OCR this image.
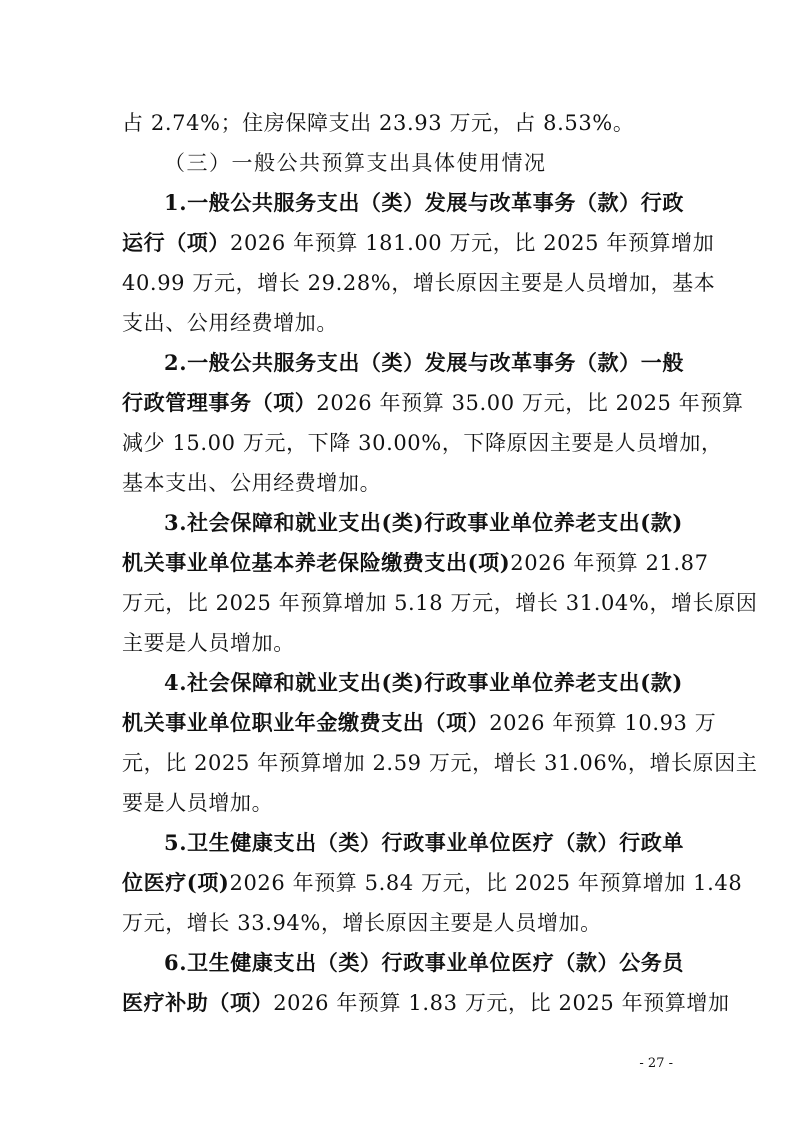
占 2.74%；住房保障支出 23.93 万元，占 8.53%。
（三）一般公共预算支出具体使用情况
1.一般公共服务支出（类）发展与改革事务（款）行政
运行（项）2026 年预算 181.00 万元，比 2025 年预算增加
40.99 万元，增长 29.28%，增长原因主要是人员增加，基本
支出、公用经费增加。
2.一般公共服务支出（类）发展与改革事务（款）一般
行政管理事务（项）2026 年预算 35.00 万元，比 2025 年预算
减少 15.00 万元，下降 30.00%，下降原因主要是人员增加，
基本支出、公用经费增加。
3.社会保障和就业支出(类)行政事业单位养老支出(款)
机关事业单位基本养老保险缴费支出(项)2026 年预算 21.87
万元，比 2025 年预算增加 5.18 万元，增长 31.04%，增长原因
主要是人员增加。
4.社会保障和就业支出(类)行政事业单位养老支出(款)
机关事业单位职业年金缴费支出（项）2026 年预算 10.93 万
元，比 2025 年预算增加 2.59 万元，增长 31.06%，增长原因主
要是人员增加。
5.卫生健康支出（类）行政事业单位医疗（款）行政单
位医疗(项)2026 年预算 5.84 万元，比 2025 年预算增加 1.48
万元，增长 33.94%，增长原因主要是人员增加。
6.卫生健康支出（类）行政事业单位医疗（款）公务员
医疗补助（项）2026 年预算 1.83 万元，比 2025 年预算增加
- 27 -
